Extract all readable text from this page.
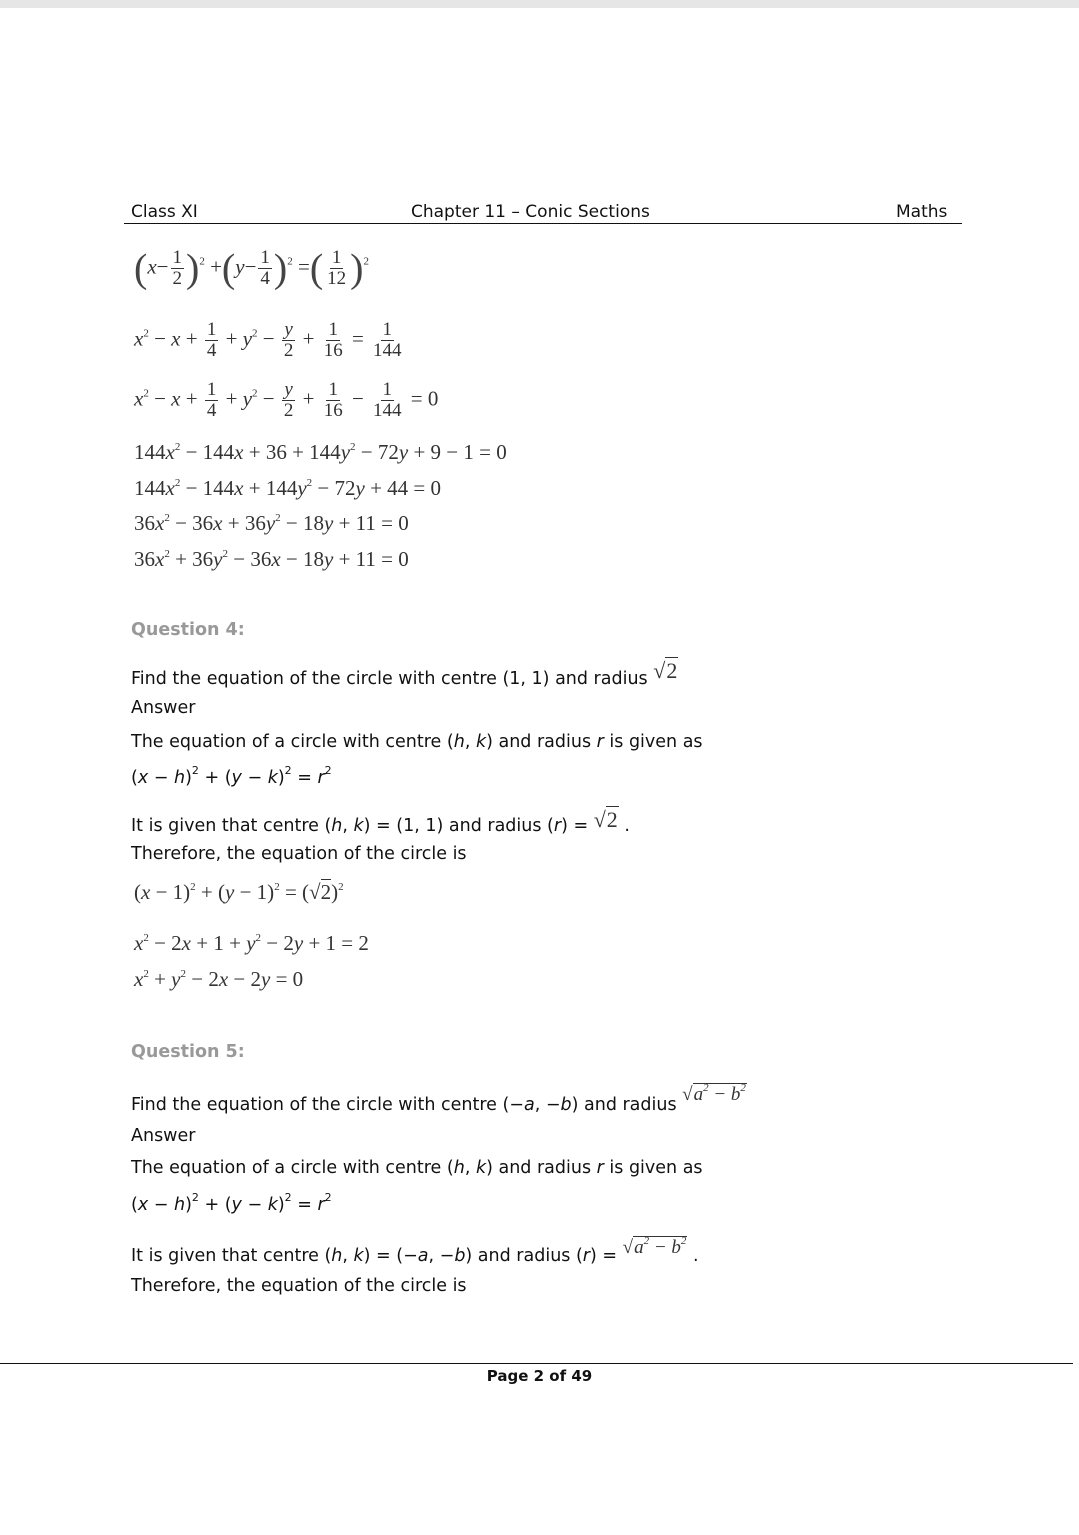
Class XI	Chapter 11 – Conic Sections	Maths
$(x- \frac{1}{2} )^2 +(y- \frac{1}{4} )^2$ =( $\frac{1}{12} )^2$
$x^2 - x + \frac{1}{4} + y^2 - \frac{y}{2} + \frac{1}{16} = \frac{1}{144}$
$x^2 - x + \frac{1}{4} + y^2 - \frac{y}{2} + \frac{1}{16} - \frac{1}{144} = 0$
$144x^2 - 144x + 36 + 144y^2 - 72y + 9 - 1 = 0$
$144x^2 - 144x + 144y^2 - 72y + 44 = 0$
$36x^2 - 36x + 36y^2 - 18y + 11 = 0$
$36x^2 + 36y^2 - 36x - 18y + 11 = 0$
Question 4:
Find the equation of the circle with centre (1, 1) and radius √2
Answer
The equation of a circle with centre (h, k) and radius r is given as
$(x - h)^2 + (y - k)^2 = r^2$
It is given that centre (h, k) = (1, 1) and radius (r) = √2 .
Therefore, the equation of the circle is
$(x - 1)^2 + (y - 1)^2 = (√2)^2$
$x^2 - 2x + 1 + y^2 - 2y + 1 = 2$
$x^2 + y^2 - 2x - 2y = 0$
Question 5:
Find the equation of the circle with centre (−a, −b) and radius $√a^2 - b^2$
Answer
The equation of a circle with centre (h, k) and radius r is given as
$(x - h)^2 + (y - k)^2 = r^2$
It is given that centre (h, k) = (−a, −b) and radius $(r) = √a^2 - b^2$ .
Therefore, the equation of the circle is
Page 2 of 49
